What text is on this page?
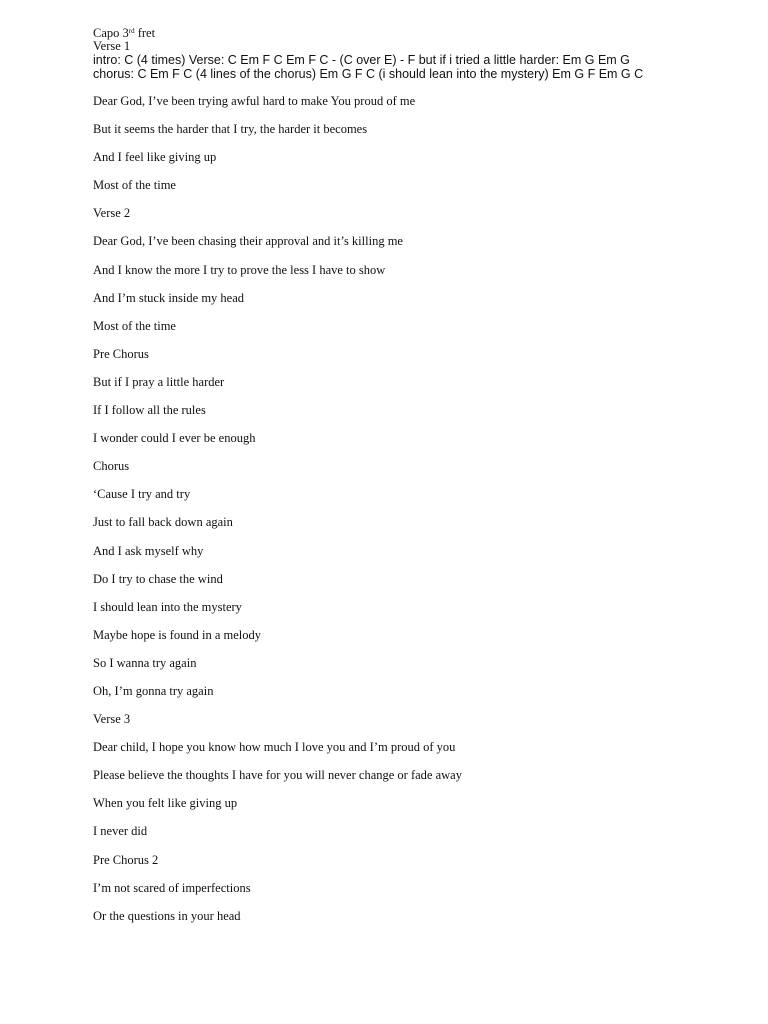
Capo 3rd fret

Verse 1

intro: C (4 times) Verse: C Em F C Em F C - (C over E) - F but if i tried a little harder: Em G Em G

chorus: C Em F C (4 lines of the chorus) Em G F C (i should lean into the mystery) Em G F Em G C

Dear God, I’ve been trying awful hard to make You proud of me

But it seems the harder that I try, the harder it becomes

And I feel like giving up

Most of the time

Verse 2

Dear God, I’ve been chasing their approval and it’s killing me

And I know the more I try to prove the less I have to show

And I’m stuck inside my head

Most of the time

Pre Chorus

But if I pray a little harder

If I follow all the rules

I wonder could I ever be enough

Chorus

‘Cause I try and try

Just to fall back down again

And I ask myself why

Do I try to chase the wind

I should lean into the mystery

Maybe hope is found in a melody

So I wanna try again

Oh, I’m gonna try again

Verse 3

Dear child, I hope you know how much I love you and I’m proud of you

Please believe the thoughts I have for you will never change or fade away

When you felt like giving up

I never did

Pre Chorus 2

I’m not scared of imperfections

Or the questions in your head
